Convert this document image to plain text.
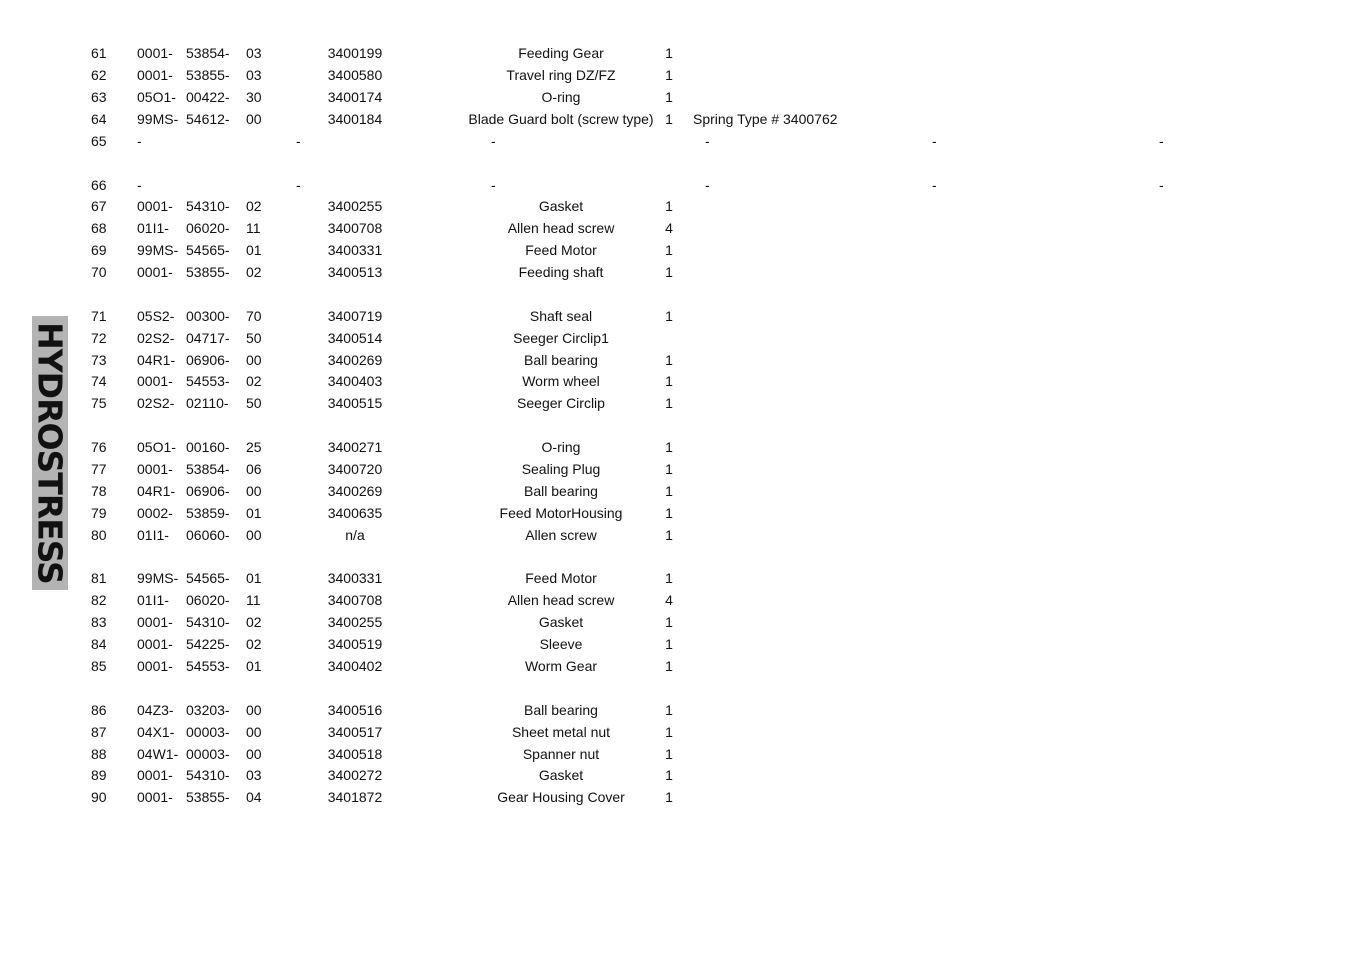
HYDROSTRESS
61 0001- 53854- 03	3400199	Feeding Gear	1
62 0001- 53855- 03	3400580	Travel ring DZ/FZ	1
63 05O1- 00422- 30	3400174	O-ring	1
64 99MS- 54612- 00	3400184	Blade Guard bolt (screw type) 1	Spring Type # 3400762
65 -	-	-	-	-	-
66 -	-	-	-	-	-
67 0001- 54310- 02	3400255	Gasket	1
68 01I1- 06020- 11	3400708	Allen head screw	4
69 99MS- 54565- 01	3400331	Feed Motor	1
70 0001- 53855- 02	3400513	Feeding shaft	1
71 05S2- 00300- 70	3400719	Shaft seal	1
72 02S2- 04717- 50	3400514	Seeger Circlip1
73 04R1- 06906- 00	3400269	Ball bearing	1
74 0001- 54553- 02	3400403	Worm wheel	1
75 02S2- 02110- 50	3400515	Seeger Circlip	1
76 05O1- 00160- 25	3400271	O-ring	1
77 0001- 53854- 06	3400720	Sealing Plug	1
78 04R1- 06906- 00	3400269	Ball bearing	1
79 0002- 53859- 01	3400635	Feed MotorHousing	1
80 01I1- 06060- 00	n/a	Allen screw	1
81 99MS- 54565- 01	3400331	Feed Motor	1
82 01I1- 06020- 11	3400708	Allen head screw	4
83 0001- 54310- 02	3400255	Gasket	1
84 0001- 54225- 02	3400519	Sleeve	1
85 0001- 54553- 01	3400402	Worm Gear	1
86 04Z3- 03203- 00	3400516	Ball bearing	1
87 04X1- 00003- 00	3400517	Sheet metal nut	1
88 04W1- 00003- 00	3400518	Spanner nut	1
89 0001- 54310- 03	3400272	Gasket	1
90 0001- 53855- 04	3401872	Gear Housing Cover	1
